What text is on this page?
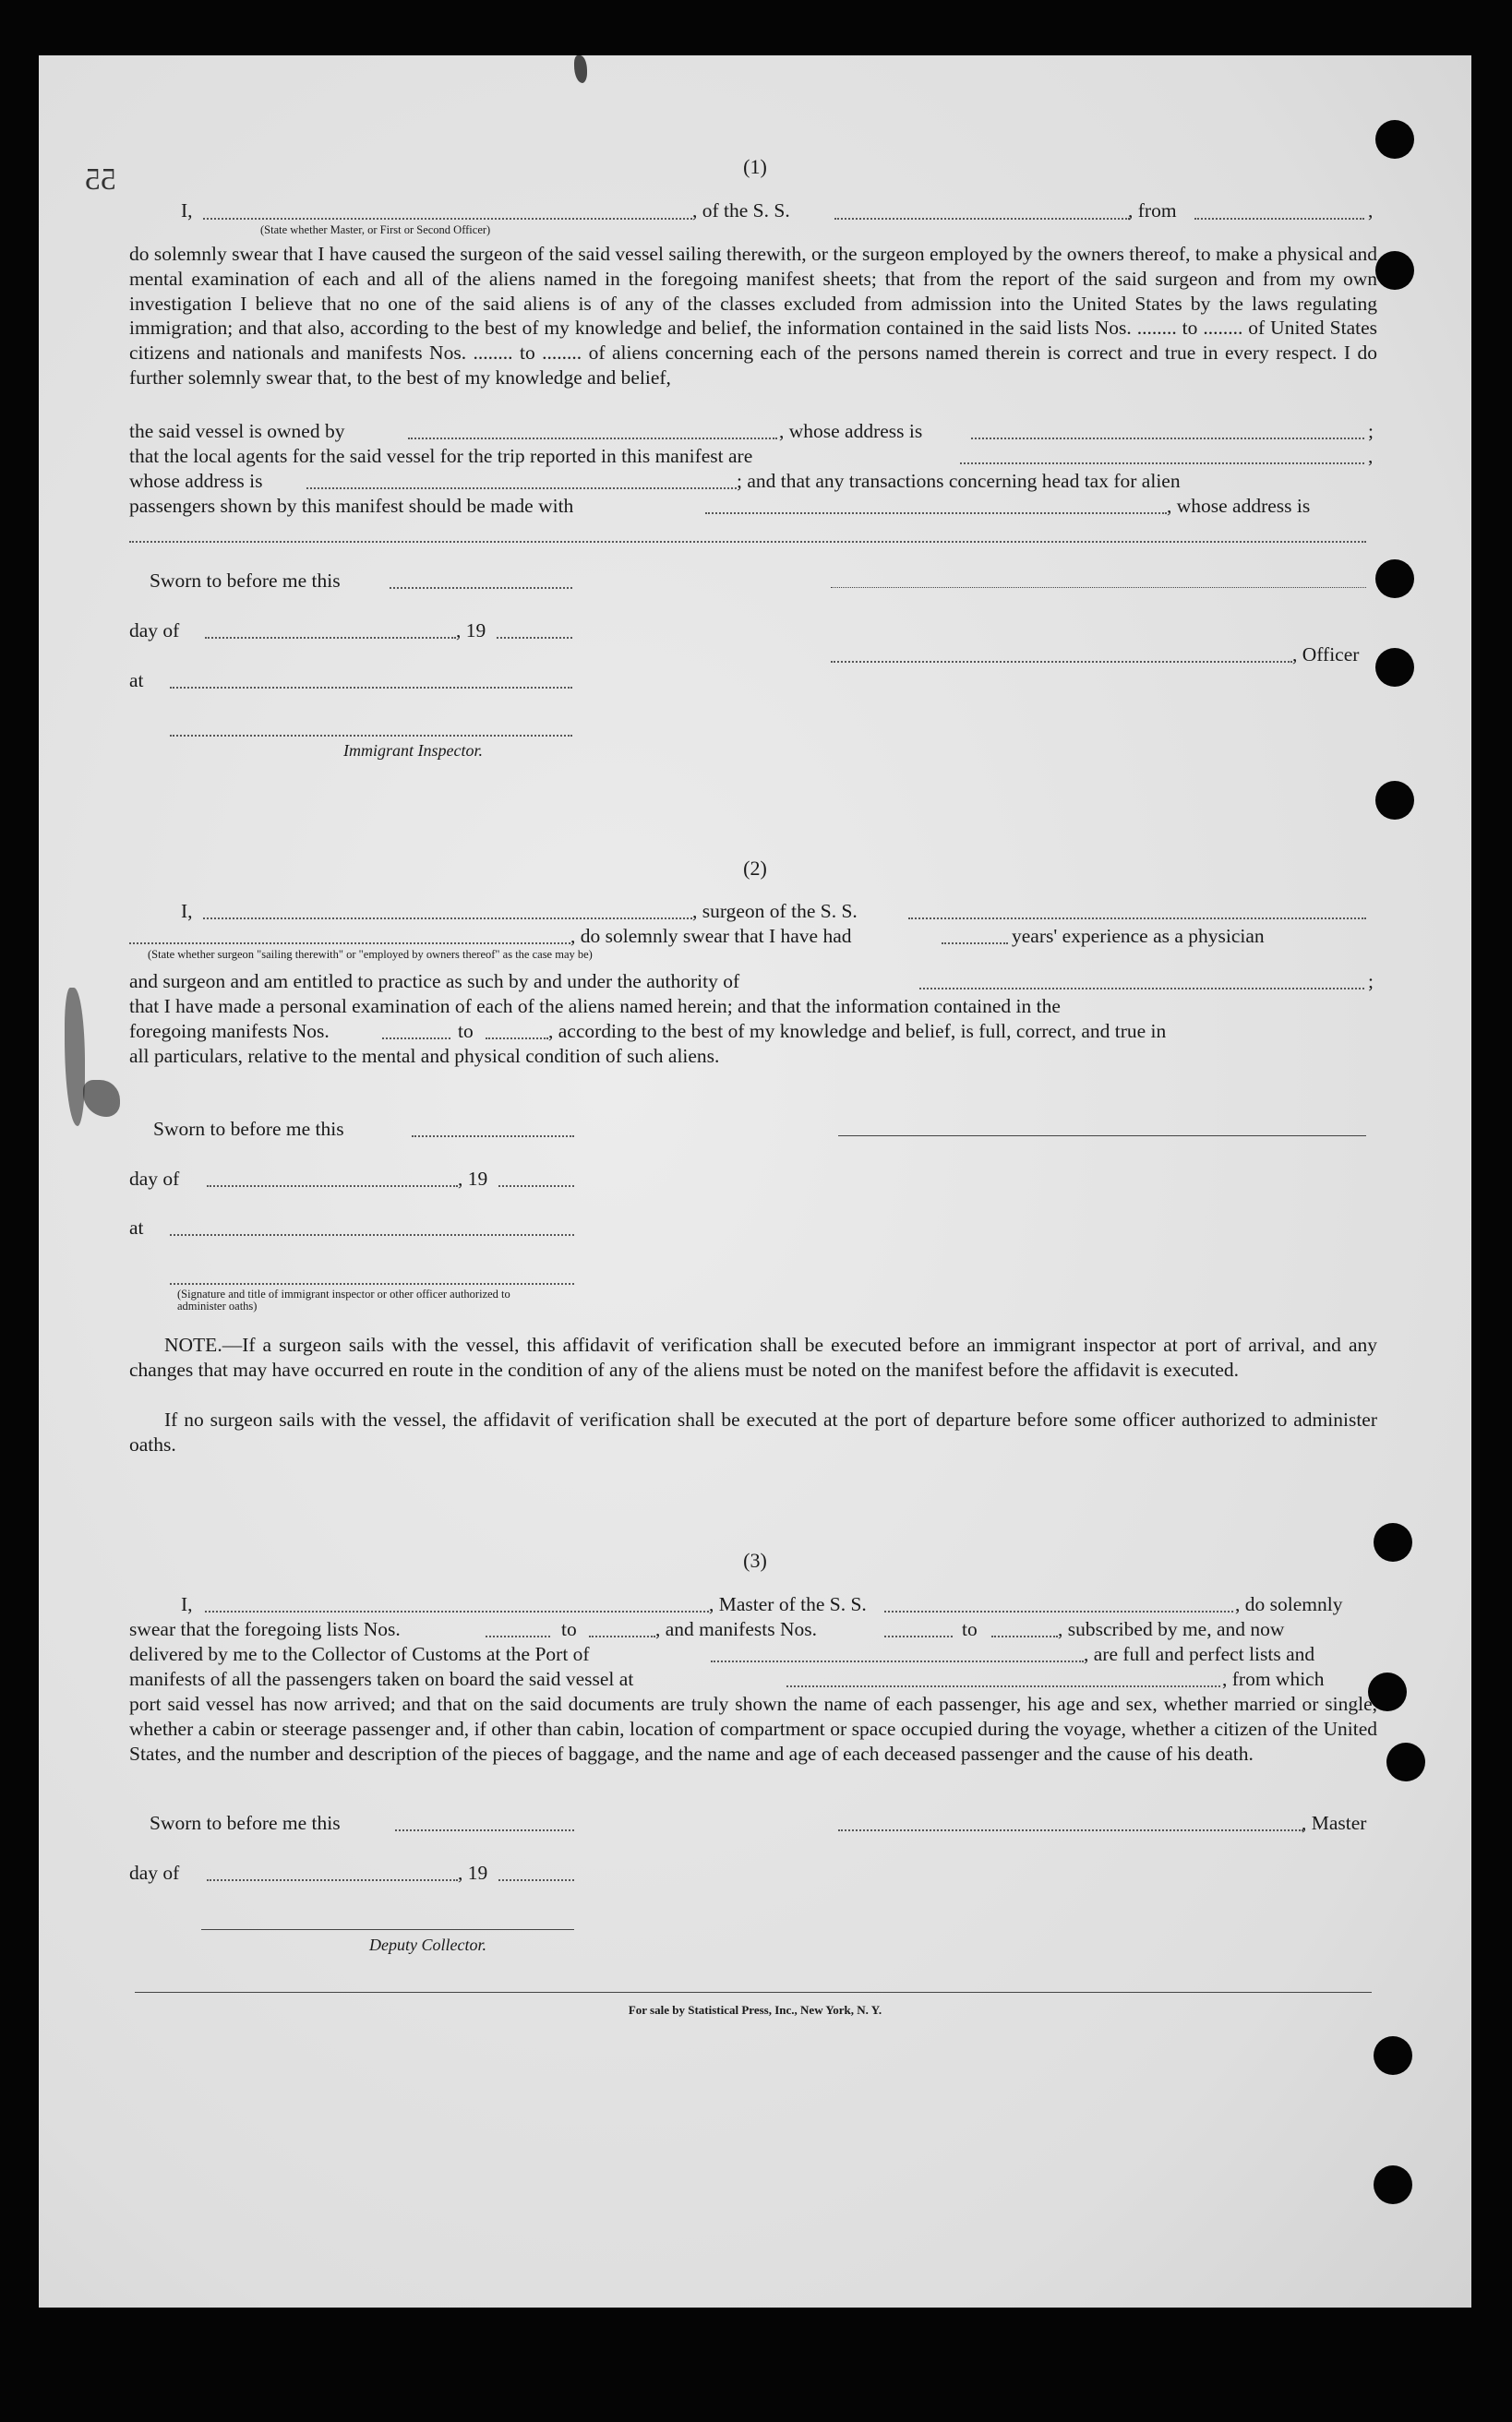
55	(1)
I,	, of the S. S.	, from	,
(State whether Master, or First or Second Officer)
do solemnly swear that I have caused the surgeon of the said vessel sailing therewith, or the surgeon employed by the owners thereof, to make a physical and mental examination of each and all of the aliens named in the foregoing manifest sheets; that from the report of the said surgeon and from my own investigation I believe that no one of the said aliens is of any of the classes excluded from admission into the United States by the laws regulating immigration; and that also, according to the best of my knowledge and belief, the information contained in the said lists Nos. ........ to ........ of United States citizens and nationals and manifests Nos. ........ to ........ of aliens concerning each of the persons named therein is correct and true in every respect. I do further solemnly swear that, to the best of my knowledge and belief,
the said vessel is owned by	, whose address is	;
that the local agents for the said vessel for the trip reported in this manifest are	,
whose address is	; and that any transactions concerning head tax for alien
passengers shown by this manifest should be made with	, whose address is
Sworn to before me this
day of	, 19
at
, Officer
Immigrant Inspector.
(2)
I,	, surgeon of the S. S.
, do solemnly swear that I have had	years' experience as a physician
(State whether surgeon "sailing therewith" or "employed by owners thereof" as the case may be)
and surgeon and am entitled to practice as such by and under the authority of	;
that I have made a personal examination of each of the aliens named herein; and that the information contained in the
foregoing manifests Nos.	to	, according to the best of my knowledge and belief, is full, correct, and true in
all particulars, relative to the mental and physical condition of such aliens.
Sworn to before me this
day of	, 19
at
(Signature and title of immigrant inspector or other officer authorized to administer oaths)
NOTE.—If a surgeon sails with the vessel, this affidavit of verification shall be executed before an immigrant inspector at port of arrival, and any changes that may have occurred en route in the condition of any of the aliens must be noted on the manifest before the affidavit is executed.
If no surgeon sails with the vessel, the affidavit of verification shall be executed at the port of departure before some officer authorized to administer oaths.
(3)
I,	, Master of the S. S.	, do solemnly
swear that the foregoing lists Nos.	to	, and manifests Nos.	to	, subscribed by me, and now
delivered by me to the Collector of Customs at the Port of	, are full and perfect lists and
manifests of all the passengers taken on board the said vessel at	, from which
port said vessel has now arrived; and that on the said documents are truly shown the name of each passenger, his age and sex, whether married or single, whether a cabin or steerage passenger and, if other than cabin, location of compartment or space occupied during the voyage, whether a citizen of the United States, and the number and description of the pieces of baggage, and the name and age of each deceased passenger and the cause of his death.
Sworn to before me this	, Master
day of	, 19
Deputy Collector.
For sale by Statistical Press, Inc., New York, N. Y.
